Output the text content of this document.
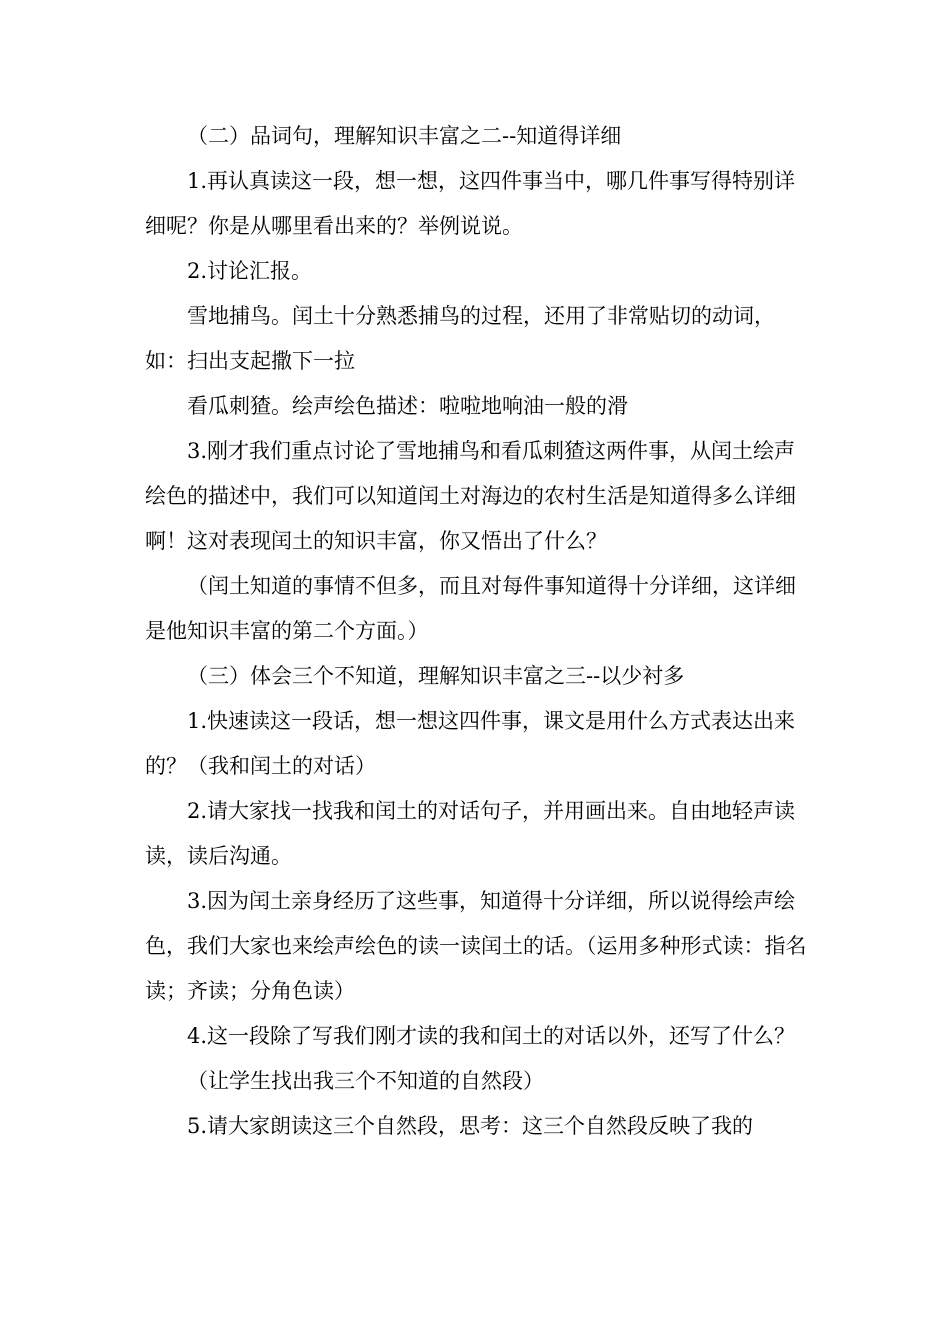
（二）品词句，理解知识丰富之二--知道得详细

1.再认真读这一段，想一想，这四件事当中，哪几件事写得特别详细呢？你是从哪里看出来的？举例说说。

2.讨论汇报。

雪地捕鸟。闰土十分熟悉捕鸟的过程，还用了非常贴切的动词，如：扫出支起撒下一拉

看瓜刺猹。绘声绘色描述：啦啦地响油一般的滑

3.刚才我们重点讨论了雪地捕鸟和看瓜刺猹这两件事，从闰土绘声绘色的描述中，我们可以知道闰土对海边的农村生活是知道得多么详细啊！这对表现闰土的知识丰富，你又悟出了什么？

（闰土知道的事情不但多，而且对每件事知道得十分详细，这详细是他知识丰富的第二个方面。）

（三）体会三个不知道，理解知识丰富之三--以少衬多

1.快速读这一段话，想一想这四件事，课文是用什么方式表达出来的？（我和闰土的对话）

2.请大家找一找我和闰土的对话句子，并用画出来。自由地轻声读读，读后沟通。

3.因为闰土亲身经历了这些事，知道得十分详细，所以说得绘声绘色，我们大家也来绘声绘色的读一读闰土的话。（运用多种形式读：指名读；齐读；分角色读）

4.这一段除了写我们刚才读的我和闰土的对话以外，还写了什么？

（让学生找出我三个不知道的自然段）

5.请大家朗读这三个自然段，思考：这三个自然段反映了我的
